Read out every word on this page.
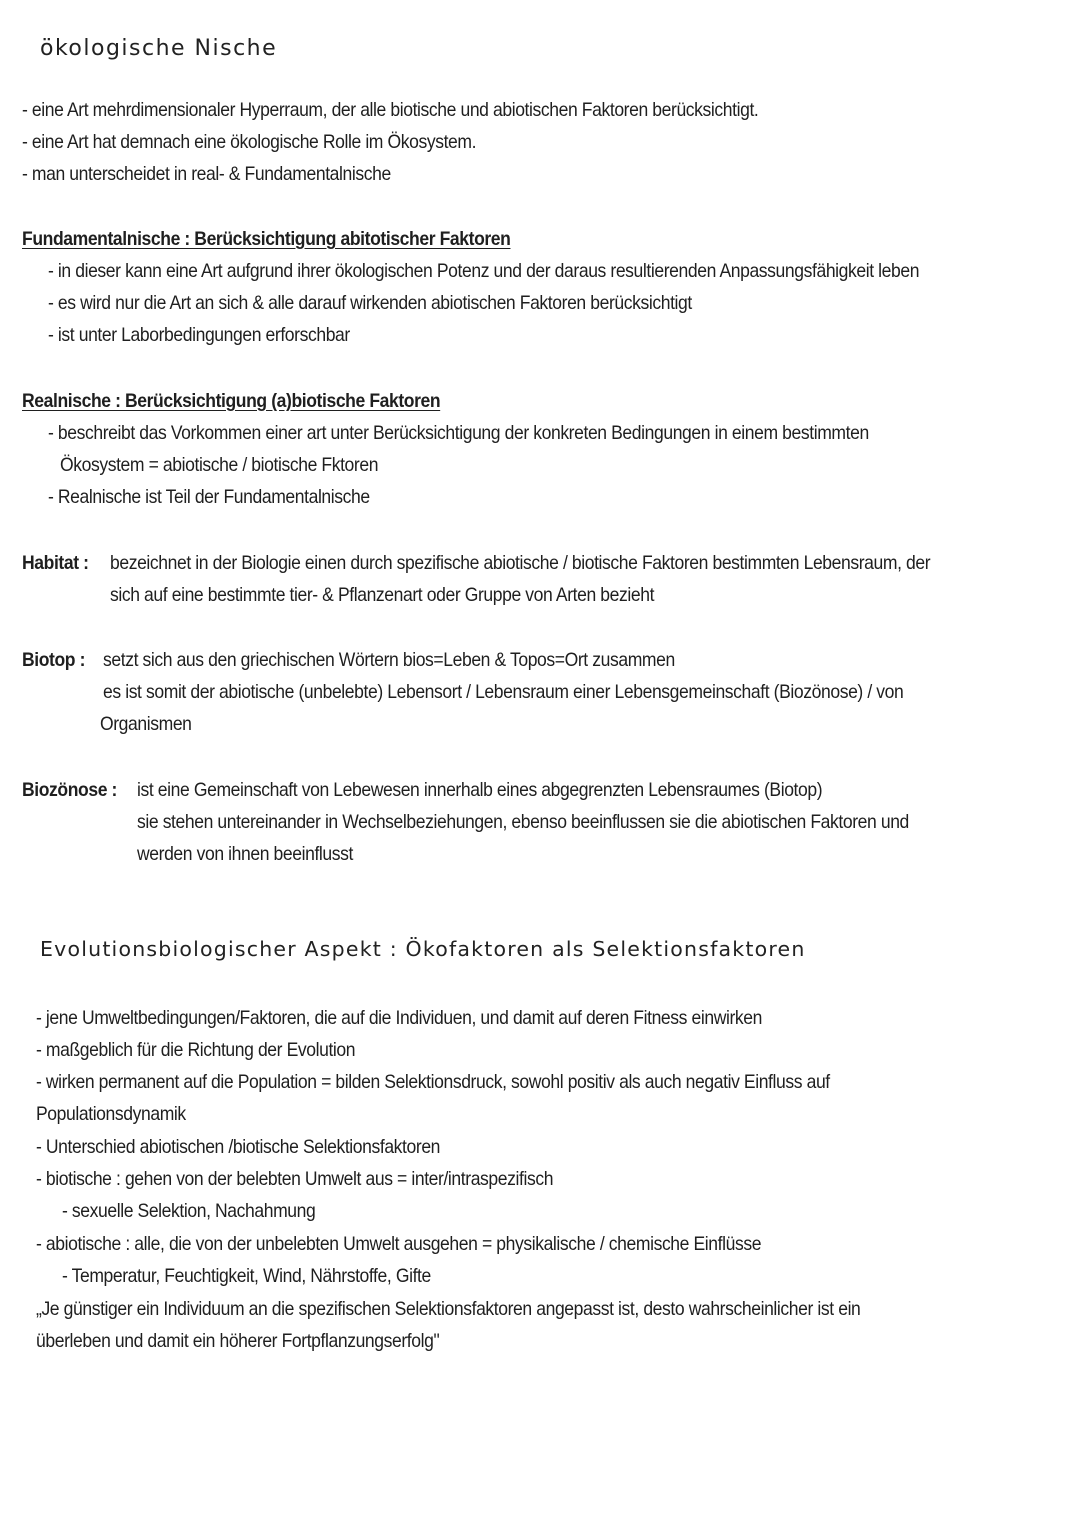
ökologische Nische
- eine Art mehrdimensionaler Hyperraum, der alle biotische und abiotischen Faktoren berücksichtigt.
- eine Art hat demnach eine ökologische Rolle im Ökosystem.
- man unterscheidet in real- & Fundamentalnische
Fundamentalnische : Berücksichtigung abitotischer Faktoren
- in dieser kann eine Art aufgrund ihrer ökologischen Potenz und der daraus resultierenden Anpassungsfähigkeit leben
- es wird nur die Art an sich & alle darauf wirkenden abiotischen Faktoren berücksichtigt
- ist unter Laborbedingungen erforschbar
Realnische : Berücksichtigung (a)biotische Faktoren
- beschreibt das Vorkommen einer art unter Berücksichtigung der konkreten Bedingungen in einem bestimmten
Ökosystem = abiotische / biotische Fktoren
- Realnische ist Teil der Fundamentalnische
Habitat : bezeichnet in der Biologie einen durch spezifische abiotische / biotische Faktoren bestimmten Lebensraum, der
sich auf eine bestimmte tier- & Pflanzenart oder Gruppe von Arten bezieht
Biotop : setzt sich aus den griechischen Wörtern bios=Leben & Topos=Ort zusammen
es ist somit der abiotische (unbelebte) Lebensort / Lebensraum einer Lebensgemeinschaft (Biozönose) / von
Organismen
Biozönose : ist eine Gemeinschaft von Lebewesen innerhalb eines abgegrenzten Lebensraumes (Biotop)
sie stehen untereinander in Wechselbeziehungen, ebenso beeinflussen sie die abiotischen Faktoren und
werden von ihnen beeinflusst
Evolutionsbiologischer Aspekt : Ökofaktoren als Selektionsfaktoren
- jene Umweltbedingungen/Faktoren, die auf die Individuen, und damit auf deren Fitness einwirken
- maßgeblich für die Richtung der Evolution
- wirken permanent auf die Population = bilden Selektionsdruck, sowohl positiv als auch negativ Einfluss auf
Populationsdynamik
- Unterschied abiotischen /biotische Selektionsfaktoren
- biotische : gehen von der belebten Umwelt aus = inter/intraspezifisch
- sexuelle Selektion, Nachahmung
- abiotische : alle, die von der unbelebten Umwelt ausgehen = physikalische / chemische Einflüsse
- Temperatur, Feuchtigkeit, Wind, Nährstoffe, Gifte
„Je günstiger ein Individuum an die spezifischen Selektionsfaktoren angepasst ist, desto wahrscheinlicher ist ein
überleben und damit ein höherer Fortpflanzungserfolg"
